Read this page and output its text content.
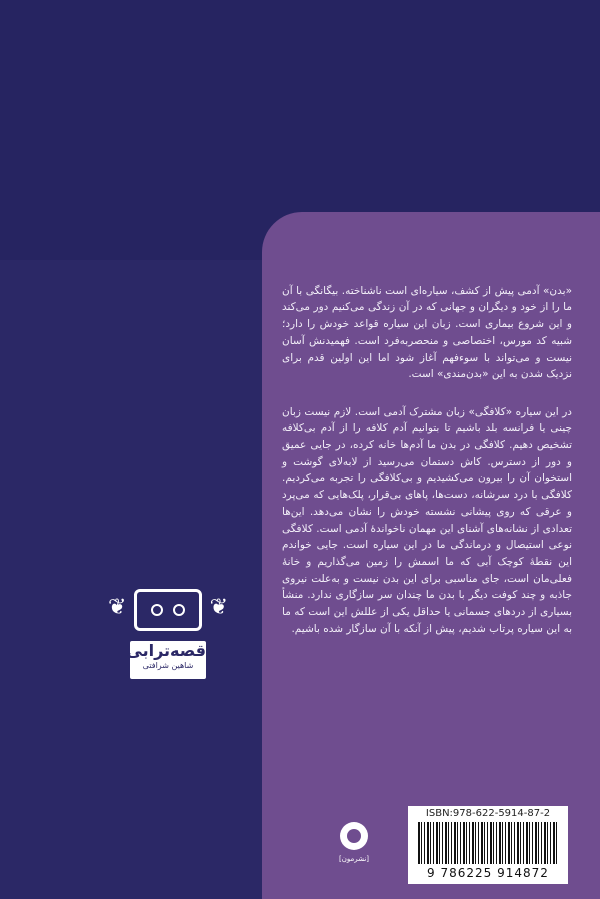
«بدن» آدمی پیش از کشف، سیاره‌ای است ناشناخته. بیگانگی با آن ما را از خود و دیگران و جهانی که در آن زندگی می‌کنیم دور می‌کند و این شروع بیماری است. زبان این سیاره قواعد خودش را دارد؛ شبیه کد مورس، اختصاصی و منحصربه‌فرد است. فهمیدنش آسان نیست و می‌تواند با سوءفهم آغاز شود اما این اولین قدم برای نزدیک شدن به این «بدن‌مندی» است.

در این سیاره «کلافگی» زبان مشترک آدمی است. لازم نیست زبان چینی یا فرانسه بلد باشیم تا بتوانیم آدم کلافه را از آدم بی‌کلافه تشخیص دهیم. کلافگی در بدن ما آدم‌ها خانه کرده، در جایی عمیق و دور از دسترس. کاش دستمان می‌رسید از لابه‌لای گوشت و استخوان آن را بیرون می‌کشیدیم و بی‌کلافگی را تجربه می‌کردیم. کلافگی با درد سرشانه، دست‌ها، پاهای بی‌قرار، پلک‌هایی که می‌پرد و عرقی که روی پیشانی نشسته خودش را نشان می‌دهد. این‌ها تعدادی از نشانه‌های آشنای این مهمان ناخوانده‌ٔ آدمی است. کلافگی نوعی استیصال و درماندگی ما در این سیاره است. جایی خواندم این نقطه‌ٔ کوچک آبی که ما اسمش را زمین می‌گذاریم و خانهٔ فعلی‌مان است، جای مناسبی برای این بدن نیست و به‌علت نیروی جاذبه و چند کوفت دیگر با بدن ما چندان سر سازگاری ندارد. منشأ بسیاری از دردهای جسمانی یا حداقل یکی از عللش این است که ما به این سیاره پرتاب شدیم، پیش از آنکه با آن سازگار شده باشیم.

❦	❦
قصه‌ترابی
شاهین شرافتی
[نشرمون]
ISBN:978-622-5914-87-2
9 786225 914872
